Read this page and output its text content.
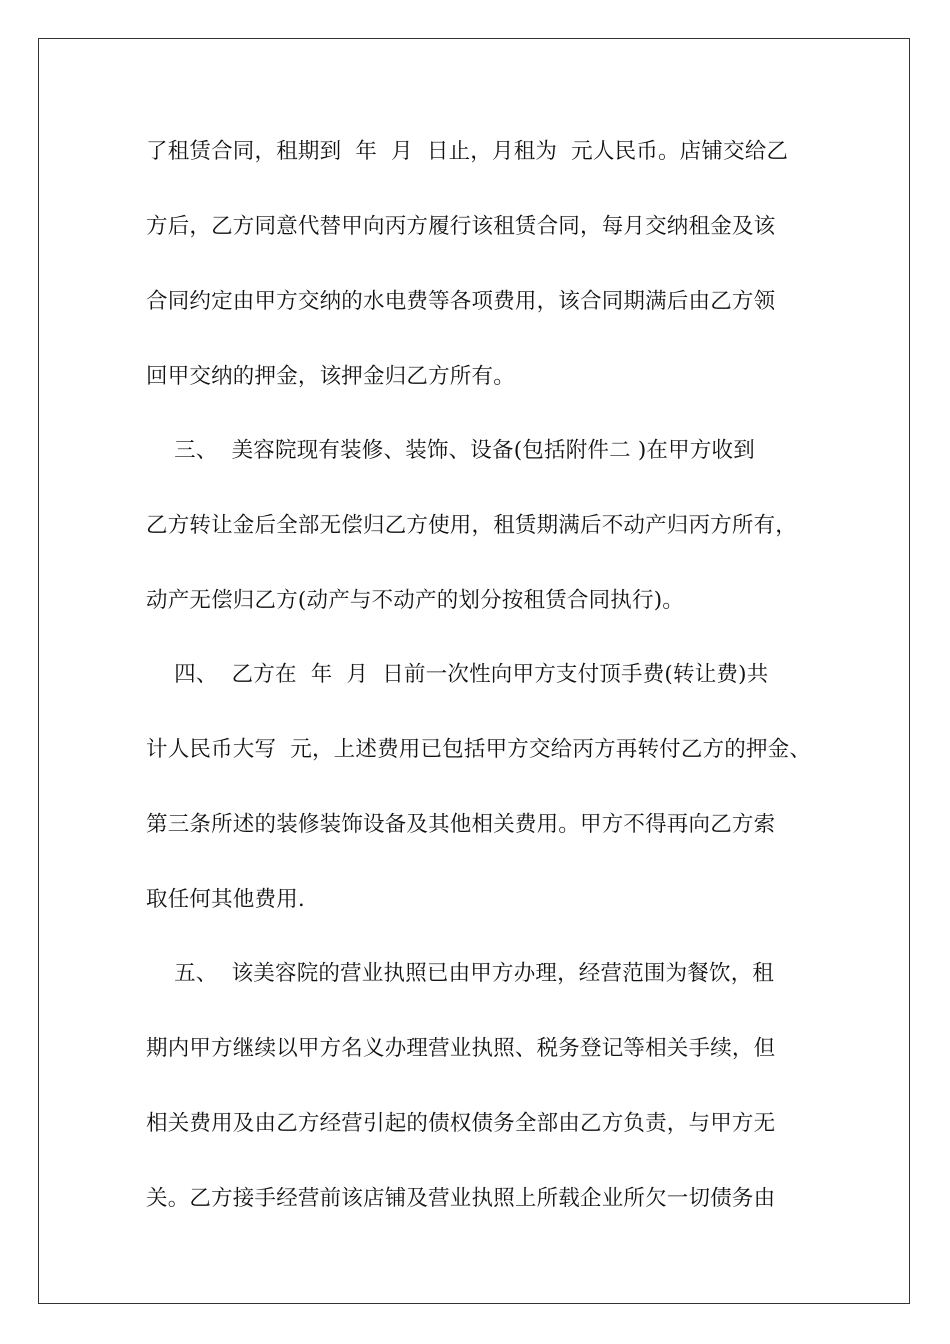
了租赁合同，租期到  年  月  日止，月租为  元人民币。店铺交给乙
方后，乙方同意代替甲向丙方履行该租赁合同，每月交纳租金及该
合同约定由甲方交纳的水电费等各项费用，该合同期满后由乙方领
回甲交纳的押金，该押金归乙方所有。
三、  美容院现有装修、装饰、设备(包括附件二 )在甲方收到
乙方转让金后全部无偿归乙方使用，租赁期满后不动产归丙方所有，
动产无偿归乙方(动产与不动产的划分按租赁合同执行)。
四、  乙方在  年  月  日前一次性向甲方支付顶手费(转让费)共
计人民币大写  元，上述费用已包括甲方交给丙方再转付乙方的押金、
第三条所述的装修装饰设备及其他相关费用。甲方不得再向乙方索
取任何其他费用.
五、  该美容院的营业执照已由甲方办理，经营范围为餐饮，租
期内甲方继续以甲方名义办理营业执照、税务登记等相关手续，但
相关费用及由乙方经营引起的债权债务全部由乙方负责，与甲方无
关。乙方接手经营前该店铺及营业执照上所载企业所欠一切债务由
